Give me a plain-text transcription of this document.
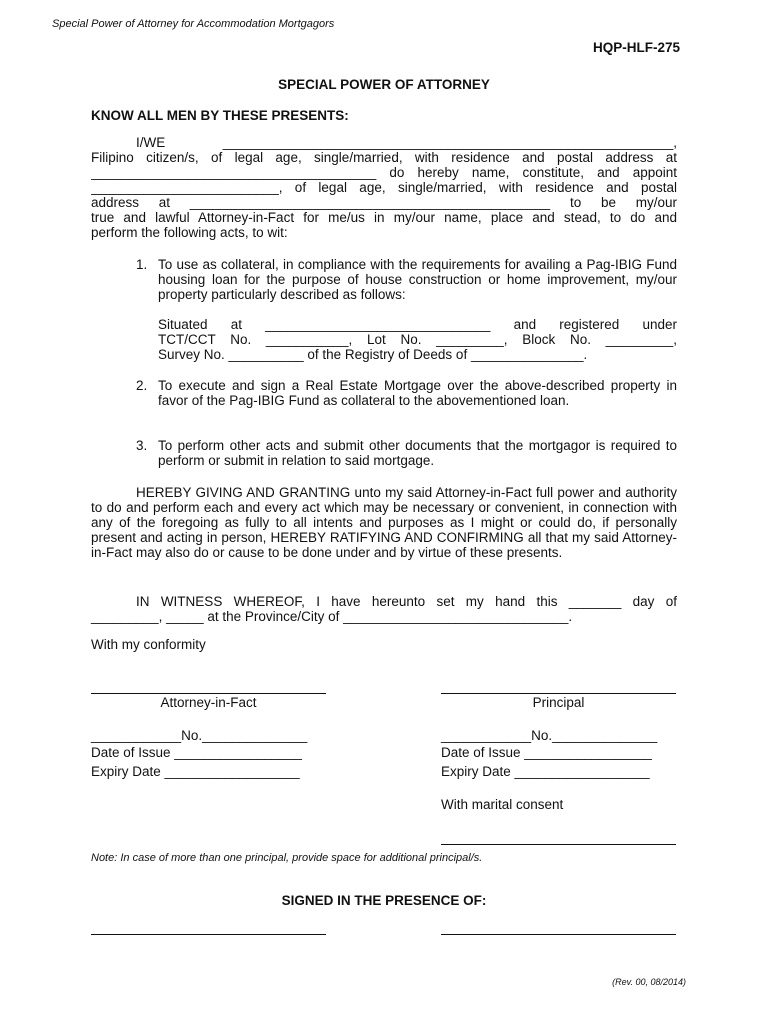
Special Power of Attorney for Accommodation Mortgagors
HQP-HLF-275
SPECIAL POWER OF ATTORNEY
KNOW ALL MEN BY THESE PRESENTS:
I/WE ____________________________________________________________,
Filipino citizen/s, of legal age, single/married, with residence and postal address at
______________________________________ do hereby name, constitute, and appoint
_________________________, of legal age, single/married, with residence and postal
address at ________________________________________________ to be my/our
true and lawful Attorney-in-Fact for me/us in my/our name, place and stead, to do and
perform the following acts, to wit:
1. To use as collateral, in compliance with the requirements for availing a Pag-IBIG Fund housing loan for the purpose of house construction or home improvement, my/our property particularly described as follows:
Situated at ______________________________ and registered under
TCT/CCT No. ___________, Lot No. _________, Block No. _________,
Survey No. __________ of the Registry of Deeds of _______________.
2. To execute and sign a Real Estate Mortgage over the above-described property in favor of the Pag-IBIG Fund as collateral to the abovementioned loan.
3. To perform other acts and submit other documents that the mortgagor is required to perform or submit in relation to said mortgage.
HEREBY GIVING AND GRANTING unto my said Attorney-in-Fact full power and authority to do and perform each and every act which may be necessary or convenient, in connection with any of the foregoing as fully to all intents and purposes as I might or could do, if personally present and acting in person, HEREBY RATIFYING AND CONFIRMING all that my said Attorney-in-Fact may also do or cause to be done under and by virtue of these presents.
IN WITNESS WHEREOF, I have hereunto set my hand this _______ day of
_________, _____ at the Province/City of ______________________________.
With my conformity
Attorney-in-Fact	Principal
____________No.______________
Date of Issue _________________
Expiry Date __________________
____________No.______________
Date of Issue _________________
Expiry Date __________________
With marital consent
Note: In case of more than one principal, provide space for additional principal/s.
SIGNED IN THE PRESENCE OF:
(Rev. 00, 08/2014)
